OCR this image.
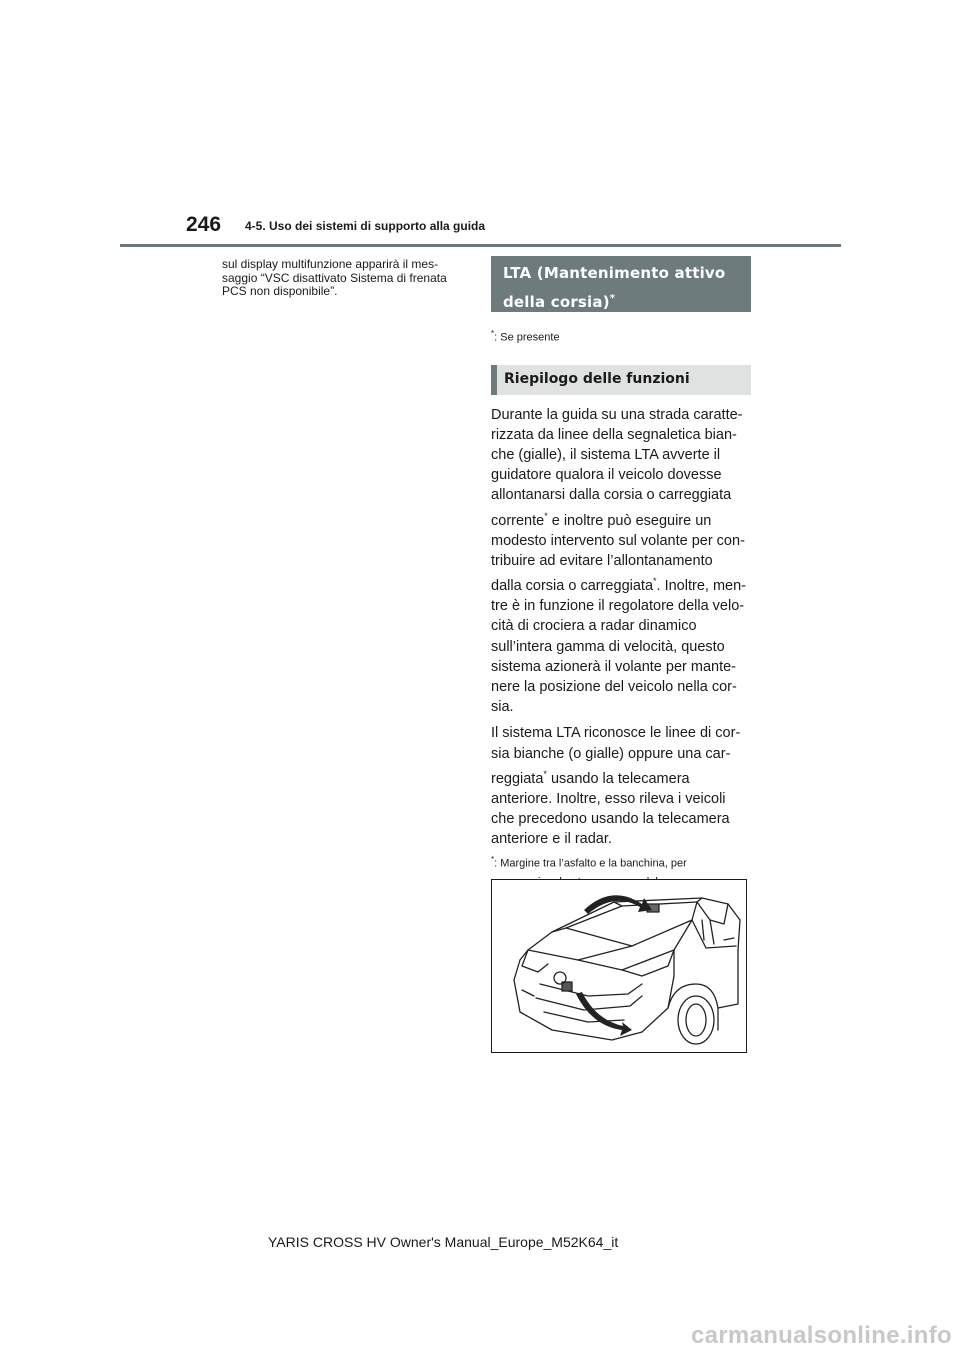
246 4-5. Uso dei sistemi di supporto alla guida

sul display multifunzione apparirà il mes-

saggio “VSC disattivato Sistema di frenata

PCS non disponibile”.

LTA (Mantenimento attivo
della corsia)*
*: Se presente
Riepilogo delle funzioni

Durante la guida su una strada caratte-
rizzata da linee della segnaletica bian-
che (gialle), il sistema LTA avverte il
guidatore qualora il veicolo dovesse
allontanarsi dalla corsia o carreggiata
corrente* e inoltre può eseguire un
modesto intervento sul volante per con-
tribuire ad evitare l’allontanamento
dalla corsia o carreggiata*. Inoltre, men-
tre è in funzione il regolatore della velo-
cità di crociera a radar dinamico
sull’intera gamma di velocità, questo
sistema azionerà il volante per mante-
nere la posizione del veicolo nella cor-
sia.

Il sistema LTA riconosce le linee di cor-
sia bianche (o gialle) oppure una car-
reggiata* usando la telecamera
anteriore. Inoltre, esso rileva i veicoli
che precedono usando la telecamera
anteriore e il radar.

*: Margine tra l’asfalto e la banchina, per
YARIS CROSS HV Owner's Manual_Europe_M52K64_it
carmanualsonline.info
